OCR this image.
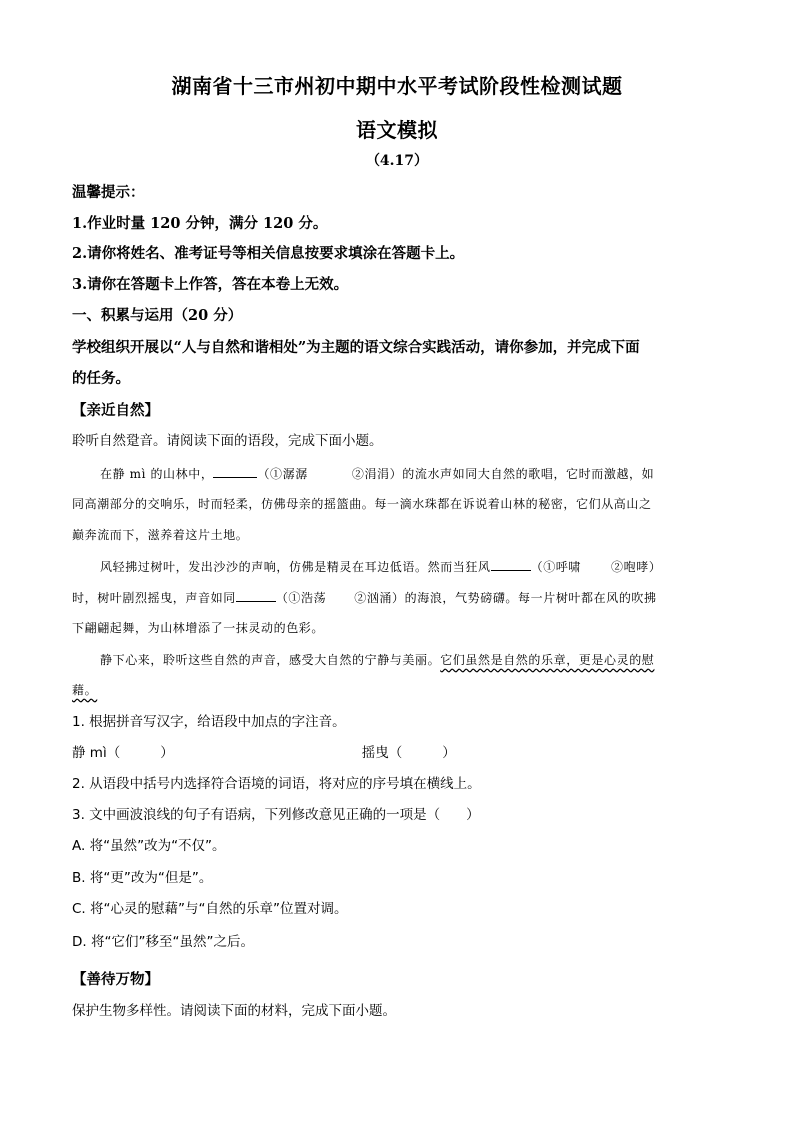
湖南省十三市州初中期中水平考试阶段性检测试题
语文模拟
（4.17）
温馨提示：
1.作业时量 120 分钟，满分 120 分。
2.请你将姓名、准考证号等相关信息按要求填涂在答题卡上。
3.请你在答题卡上作答，答在本卷上无效。
一、积累与运用（20 分）
学校组织开展以“人与自然和谐相处”为主题的语文综合实践活动，请你参加，并完成下面
的任务。
【亲近自然】
聆听自然跫音。请阅读下面的语段，完成下面小题。
在静 mì 的山林中，	（①潺潺	②涓涓）的流水声如同大自然的歌唱，它时而激越，如
同高潮部分的交响乐，时而轻柔，仿佛母亲的摇篮曲。每一滴水珠都在诉说着山林的秘密，它们从高山之
巅奔流而下，滋养着这片土地。
风轻拂过树叶，发出沙沙的声响，仿佛是精灵在耳边低语。然而当狂风	（①呼啸	②咆哮）
时，树叶剧烈摇曳，声音如同	（①浩荡 ②汹涌）的海浪，气势磅礴。每一片树叶都在风的吹拂
下翩翩起舞，为山林增添了一抹灵动的色彩。
静下心来，聆听这些自然的声音，感受大自然的宁静与美丽。它们虽然是自然的乐章，更是心灵的慰
藉。
1. 根据拼音写汉字，给语段中加点的字注音。
静 mì（	）	摇曳（	）
2. 从语段中括号内选择符合语境的词语，将对应的序号填在横线上。
3. 文中画波浪线的句子有语病，下列修改意见正确的一项是（ ）
A. 将“虽然”改为“不仅”。
B. 将“更”改为“但是”。
C. 将“心灵的慰藉”与“自然的乐章”位置对调。
D. 将“它们”移至“虽然”之后。
【善待万物】
保护生物多样性。请阅读下面的材料，完成下面小题。
